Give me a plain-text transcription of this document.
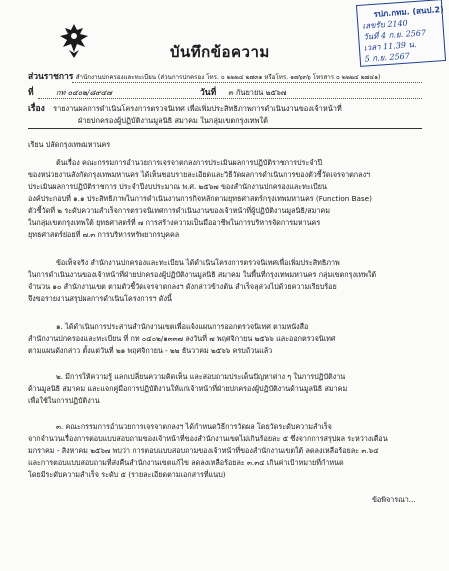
บันทึกข้อความ
รปภ.กทม. (สนป.2)
เลขรับ 2140
วันที่ 4 ก.ย. 2567
เวลา 11.39 น.
5 ก.ย. 2567
ส่วนราชการ สำนักงานปกครองและทะเบียน (ส่วนการปกครอง โทร. ๐ ๒๒๒๔ ๒๗๓๑ หรือโทร. ๑๗๖๓๖ โทรสาร ๐ ๒๒๒๔ ๒๗๔๑)
ที่	กท ๐๔๐๒/๘๙๔๗	วันที่ ๓ กันยายน ๒๕๖๗
เรื่อง รายงานผลการดำเนินโครงการตรวจนิเทศ เพื่อเพิ่มประสิทธิภาพการดำเนินงานของเจ้าหน้าที่
ฝ่ายปกครองผู้ปฏิบัติงานมูลนิธิ สมาคม ในกลุ่มเขตกรุงเทพใต้
เรียน ปลัดกรุงเทพมหานคร
ต้นเรื่อง คณะกรรมการอำนวยการเจรจาตกลงการประเมินผลการปฏิบัติราชการประจำปี
ของหน่วยงานสังกัดกรุงเทพมหานคร ได้เห็นชอบรายละเอียดและวิธีวัดผลการดำเนินการของตัวชี้วัดเจรจาตกลงฯ
ประเมินผลการปฏิบัติราชการ ประจำปีงบประมาณ พ.ศ. ๒๕๖๗ ของสำนักงานปกครองและทะเบียน
องค์ประกอบที่ ๑.๑ ประสิทธิภาพในการดำเนินงานการกิจหลักตามยุทธศาสตร์กรุงเทพมหานคร (Function Base)
ตัวชี้วัดที่ ๒ ระดับความสำเร็จการตรวจนิเทศการดำเนินงานของเจ้าหน้าที่ผู้ปฏิบัติงานมูลนิธิ/สมาคม
ในกลุ่มเขตกรุงเทพใต้ ยุทธศาสตร์ที่ ๗ การสร้างความเป็นมืออาชีพในการบริหารจัดการมหานคร
ยุทธศาสตร์ย่อยที่ ๗.๓ การบริหารทรัพยากรบุคคล
ข้อเท็จจริง สำนักงานปกครองและทะเบียน ได้ดำเนินโครงการตรวจนิเทศเพื่อเพิ่มประสิทธิภาพ
ในการดำเนินงานของเจ้าหน้าที่ฝ่ายปกครองผู้ปฏิบัติงานมูลนิธิ สมาคม ในพื้นที่กรุงเทพมหานคร กลุ่มเขตกรุงเทพใต้
จำนวน ๑๐ สำนักงานเขต ตามตัวชี้วัดเจรจาตกลงฯ ดังกล่าวข้างต้น สำเร็จลุล่วงไปด้วยความเรียบร้อย
จึงขอรายงานสรุปผลการดำเนินโครงการฯ ดังนี้
๑. ได้ดำเนินการประสานสำนักงานเขตเพื่อแจ้งแผนการออกตรวจนิเทศ ตามหนังสือ
สำนักงานปกครองและทะเบียน ที่ กท ๐๔๐๒/๑๓๓๗ ลงวันที่ ๗ พฤศจิกายน ๒๕๖๖ และออกตรวจนิเทศ
ตามแผนดังกล่าว ตั้งแต่วันที่ ๒๑ พฤศจิกายน - ๒๒ ธันวาคม ๒๕๖๖ ครบถ้วนแล้ว
๒. มีการให้ความรู้ แลกเปลี่ยนความคิดเห็น และสอบถามประเด็นปัญหาต่าง ๆ ในการปฏิบัติงาน
ด้านมูลนิธิ สมาคม และแจกคู่มือการปฏิบัติงานให้แก่เจ้าหน้าที่ฝ่ายปกครองผู้ปฏิบัติงานด้านมูลนิธิ สมาคม
เพื่อใช้ในการปฏิบัติงาน
๓. คณะกรรมการอำนวยการเจรจาตกลงฯ ได้กำหนดวิธีการวัดผล โดยวัดระดับความสำเร็จ
จากจำนวนเรื่องการตอบแบบสอบถามของเจ้าหน้าที่ของสำนักงานเขตไม่เกินร้อยละ ๕ ซึ่งจากการสรุปผล ระหว่างเดือน
มกราคม - สิงหาคม ๒๕๖๗ พบว่า การตอบแบบสอบถามของเจ้าหน้าที่ของสำนักงานเขตใต้ ลดลงเหลือร้อยละ ๓.๖๔
และการตอบแบบสอบถามที่ส่งคืนสำนักงานเขตแก้ไข ลดลงเหลือร้อยละ ๓.๓๔ เกินค่าเป้าหมายที่กำหนด
โดยมีระดับความสำเร็จ ระดับ ๕ (รายละเอียดตามเอกสารที่แนบ)
ข้อพิจารณา...
